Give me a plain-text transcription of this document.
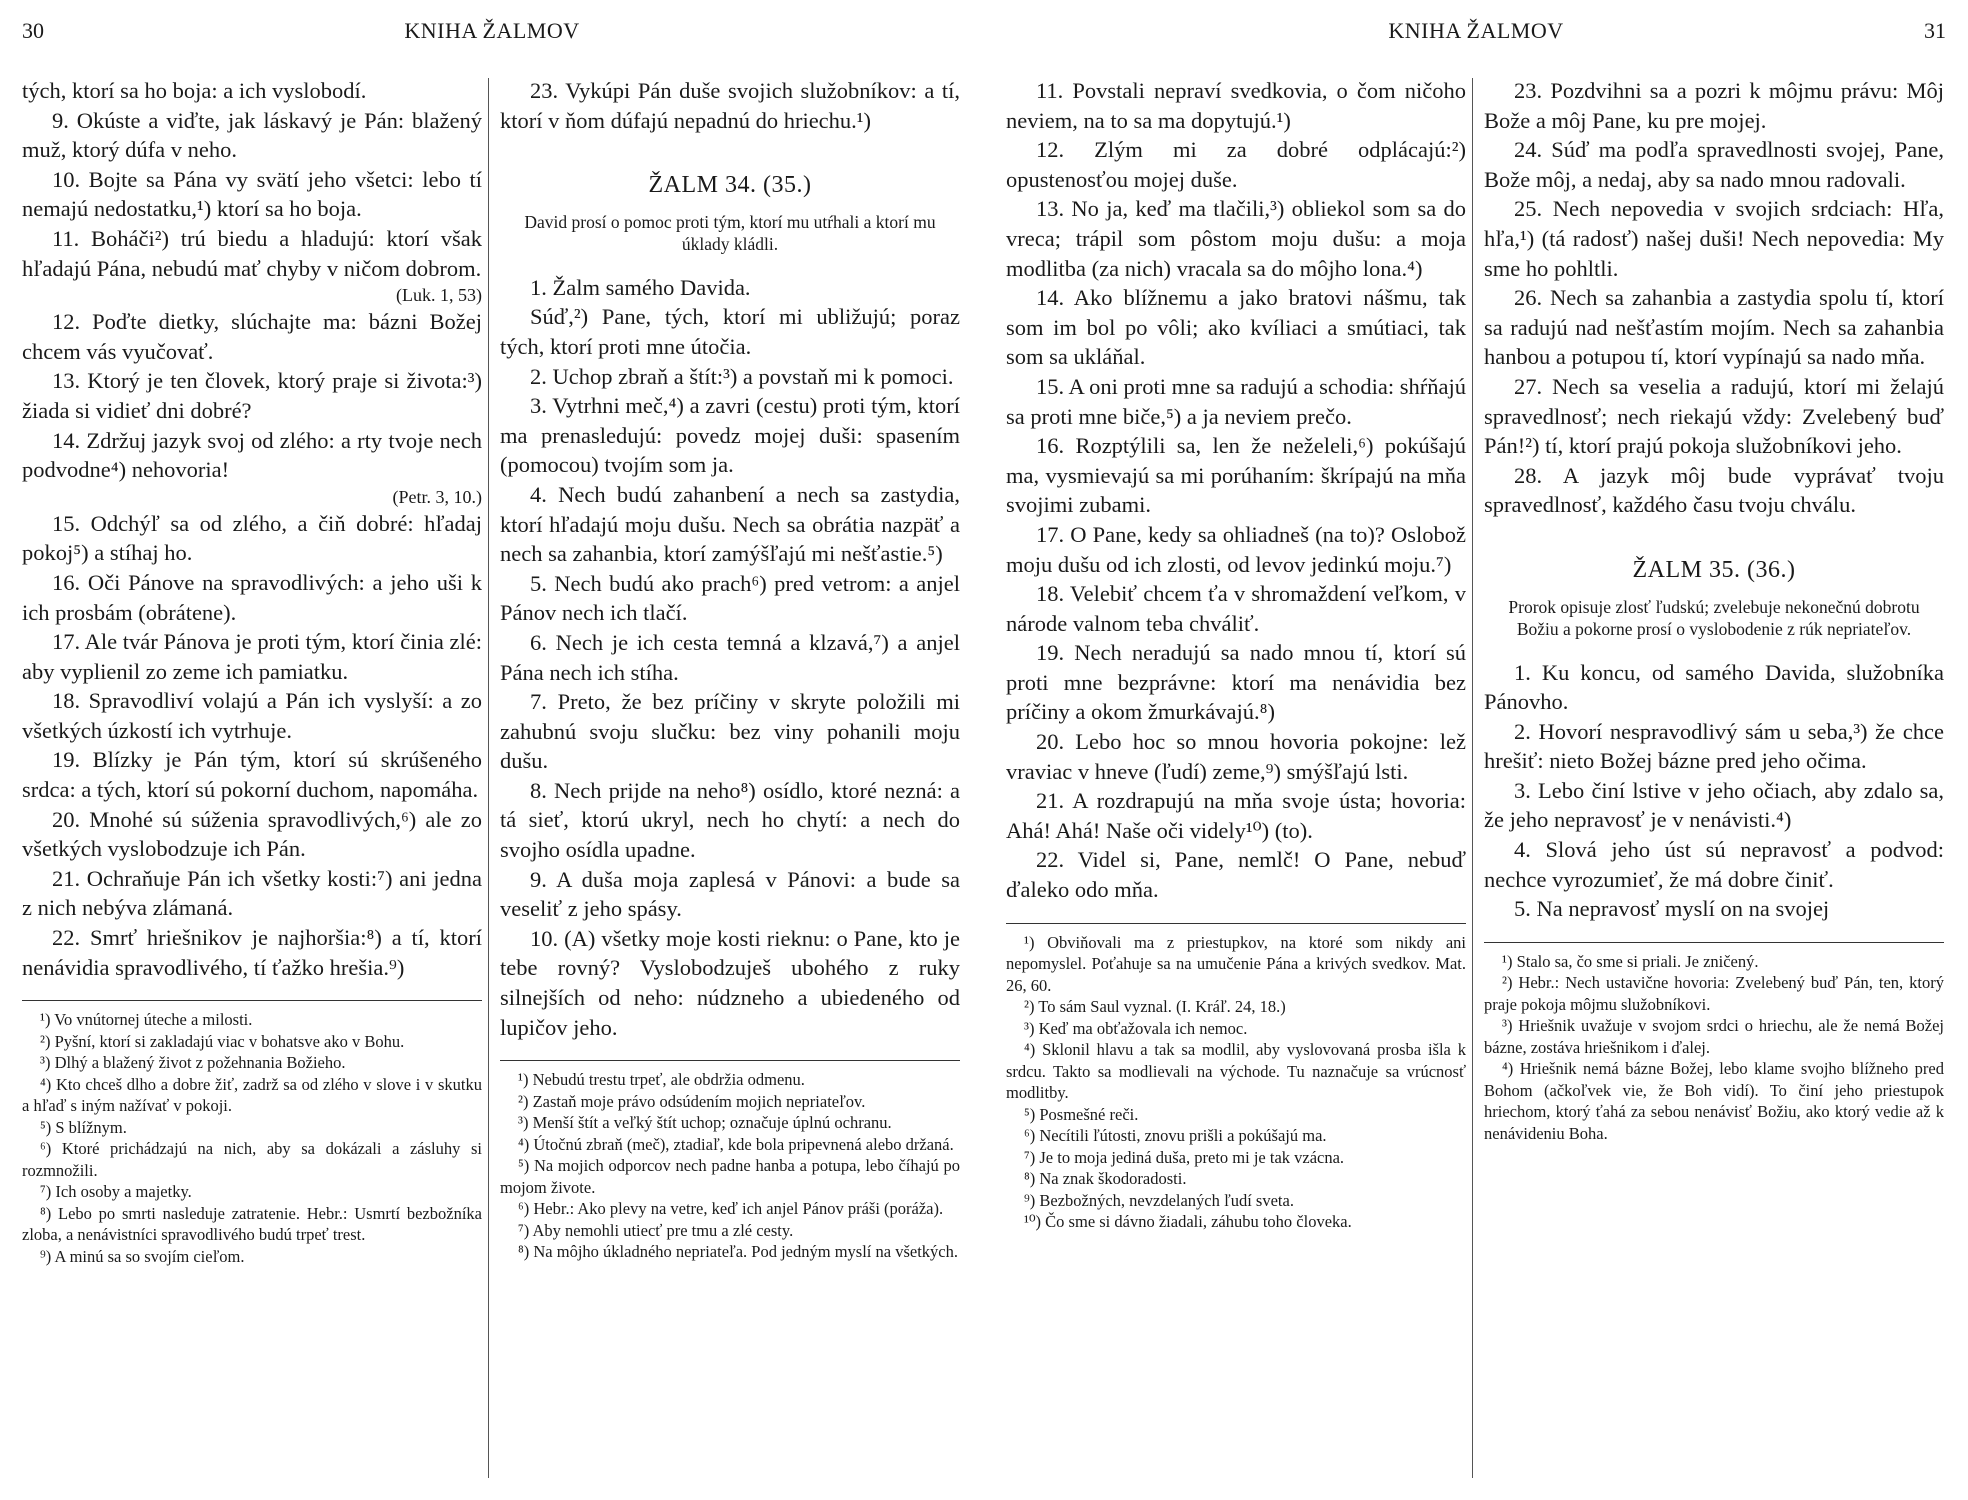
30	KNIHA ŽALMOV

tých, ktorí sa ho boja: a ich vyslobodí.

9. Okúste a viďte, jak láskavý je Pán: blažený muž, ktorý dúfa v neho.

10. Bojte sa Pána vy svätí jeho všetci: lebo tí nemajú nedostatku,¹) ktorí sa ho boja.

11. Boháči²) trú biedu a hladujú: ktorí však hľadajú Pána, nebudú mať chyby v ničom dobrom.

(Luk. 1, 53)

12. Poďte dietky, slúchajte ma: bázni Božej chcem vás vyučovať.

13. Ktorý je ten človek, ktorý praje si života:³) žiada si vidieť dni dobré?

14. Zdržuj jazyk svoj od zlého: a rty tvoje nech podvodne⁴) nehovoria!

(Petr. 3, 10.)

15. Odchýľ sa od zlého, a čiň dobré: hľadaj pokoj⁵) a stíhaj ho.

16. Oči Pánove na spravodlivých: a jeho uši k ich prosbám (obrátene).

17. Ale tvár Pánova je proti tým, ktorí činia zlé: aby vyplienil zo zeme ich pamiatku.

18. Spravodliví volajú a Pán ich vyslyší: a zo všetkých úzkostí ich vytrhuje.

19. Blízky je Pán tým, ktorí sú skrúšeného srdca: a tých, ktorí sú pokorní duchom, napomáha.

20. Mnohé sú súženia spravodlivých,⁶) ale zo všetkých vyslobodzuje ich Pán.

21. Ochraňuje Pán ich všetky kosti:⁷) ani jedna z nich nebýva zlámaná.

22. Smrť hriešnikov je najhoršia:⁸) a tí, ktorí nenávidia spravodlivého, tí ťažko hrešia.⁹)

¹) Vo vnútornej úteche a milosti.

²) Pyšní, ktorí si zakladajú viac v bohatsve ako v Bohu.

³) Dlhý a blažený život z požehnania Božieho.

⁴) Kto chceš dlho a dobre žiť, zadrž sa od zlého v slove i v skutku a hľaď s iným nažívať v pokoji.

⁵) S blížnym.

⁶) Ktoré prichádzajú na nich, aby sa dokázali a zásluhy si rozmnožili.

⁷) Ich osoby a majetky.

⁸) Lebo po smrti nasleduje zatratenie. Hebr.: Usmrtí bezbožníka zloba, a nenávistníci spravodlivého budú trpeť trest.

⁹) A minú sa so svojím cieľom.

23. Vykúpi Pán duše svojich služobníkov: a tí, ktorí v ňom dúfajú nepadnú do hriechu.¹)

ŽALM 34. (35.)
David prosí o pomoc proti tým, ktorí mu utŕhali a ktorí mu úklady kládli.

1. Žalm samého Davida.

Súď,²) Pane, tých, ktorí mi ubližujú; poraz tých, ktorí proti mne útočia.

2. Uchop zbraň a štít:³) a povstaň mi k pomoci.

3. Vytrhni meč,⁴) a zavri (cestu) proti tým, ktorí ma prenasledujú: povedz mojej duši: spasením (pomocou) tvojím som ja.

4. Nech budú zahanbení a nech sa zastydia, ktorí hľadajú moju dušu. Nech sa obrátia nazpäť a nech sa zahanbia, ktorí zamýšľajú mi nešťastie.⁵)

5. Nech budú ako prach⁶) pred vetrom: a anjel Pánov nech ich tlačí.

6. Nech je ich cesta temná a klzavá,⁷) a anjel Pána nech ich stíha.

7. Preto, že bez príčiny v skryte položili mi zahubnú svoju slučku: bez viny pohanili moju dušu.

8. Nech prijde na neho⁸) osídlo, ktoré nezná: a tá sieť, ktorú ukryl, nech ho chytí: a nech do svojho osídla upadne.

9. A duša moja zaplesá v Pánovi: a bude sa veseliť z jeho spásy.

10. (A) všetky moje kosti rieknu: o Pane, kto je tebe rovný? Vyslobodzuješ ubohého z ruky silnejších od neho: núdzneho a ubiedeného od lupičov jeho.

¹) Nebudú trestu trpeť, ale obdržia odmenu.

²) Zastaň moje právo odsúdením mojich nepriateľov.

³) Menší štít a veľký štít uchop; označuje úplnú ochranu.

⁴) Útočnú zbraň (meč), ztadiaľ, kde bola pripevnená alebo držaná.

⁵) Na mojich odporcov nech padne hanba a potupa, lebo číhajú po mojom živote.

⁶) Hebr.: Ako plevy na vetre, keď ich anjel Pánov práši (poráža).

⁷) Aby nemohli utiecť pre tmu a zlé cesty.

⁸) Na môjho úkladného nepriateľa. Pod jedným myslí na všetkých.

KNIHA ŽALMOV	31

11. Povstali nepraví svedkovia, o čom ničoho neviem, na to sa ma dopytujú.¹)

12. Zlým mi za dobré odplácajú:²) opustenosťou mojej duše.

13. No ja, keď ma tlačili,³) obliekol som sa do vreca; trápil som pôstom moju dušu: a moja modlitba (za nich) vracala sa do môjho lona.⁴)

14. Ako blížnemu a jako bratovi nášmu, tak som im bol po vôli; ako kvíliaci a smútiaci, tak som sa ukláňal.

15. A oni proti mne sa radujú a schodia: shŕňajú sa proti mne biče,⁵) a ja neviem prečo.

16. Rozptýlili sa, len že neželeli,⁶) pokúšajú ma, vysmievajú sa mi porúhaním: škrípajú na mňa svojimi zubami.

17. O Pane, kedy sa ohliadneš (na to)? Oslobož moju dušu od ich zlosti, od levov jedinkú moju.⁷)

18. Velebiť chcem ťa v shromaždení veľkom, v národe valnom teba chváliť.

19. Nech neradujú sa nado mnou tí, ktorí sú proti mne bezprávne: ktorí ma nenávidia bez príčiny a okom žmurkávajú.⁸)

20. Lebo hoc so mnou hovoria pokojne: lež vraviac v hneve (ľudí) zeme,⁹) smýšľajú lsti.

21. A rozdrapujú na mňa svoje ústa; hovoria: Ahá! Ahá! Naše oči videly¹⁰) (to).

22. Videl si, Pane, nemlč! O Pane, nebuď ďaleko odo mňa.

¹) Obviňovali ma z priestupkov, na ktoré som nikdy ani nepomyslel. Poťahuje sa na umučenie Pána a krivých svedkov. Mat. 26, 60.

²) To sám Saul vyznal. (I. Kráľ. 24, 18.)

³) Keď ma obťažovala ich nemoc.

⁴) Sklonil hlavu a tak sa modlil, aby vyslovovaná prosba išla k srdcu. Takto sa modlievali na východe. Tu naznačuje sa vrúcnosť modlitby.

⁵) Posmešné reči.

⁶) Necítili ľútosti, znovu prišli a pokúšajú ma.

⁷) Je to moja jediná duša, preto mi je tak vzácna.

⁸) Na znak škodoradosti.

⁹) Bezbožných, nevzdelaných ľudí sveta.

¹⁰) Čo sme si dávno žiadali, záhubu toho človeka.

23. Pozdvihni sa a pozri k môjmu právu: Môj Bože a môj Pane, ku pre mojej.

24. Súď ma podľa spravedlnosti svojej, Pane, Bože môj, a nedaj, aby sa nado mnou radovali.

25. Nech nepovedia v svojich srdciach: Hľa, hľa,¹) (tá radosť) našej duši! Nech nepovedia: My sme ho pohltli.

26. Nech sa zahanbia a zastydia spolu tí, ktorí sa radujú nad nešťastím mojím. Nech sa zahanbia hanbou a potupou tí, ktorí vypínajú sa nado mňa.

27. Nech sa veselia a radujú, ktorí mi želajú spravedlnosť; nech riekajú vždy: Zvelebený buď Pán!²) tí, ktorí prajú pokoja služobníkovi jeho.

28. A jazyk môj bude vyprávať tvoju spravedlnosť, každého času tvoju chválu.

ŽALM 35. (36.)
Prorok opisuje zlosť ľudskú; zvelebuje nekonečnú dobrotu Božiu a pokorne prosí o vyslobodenie z rúk nepriateľov.

1. Ku koncu, od samého Davida, služobníka Pánovho.

2. Hovorí nespravodlivý sám u seba,³) že chce hrešiť: nieto Božej bázne pred jeho očima.

3. Lebo činí lstive v jeho očiach, aby zdalo sa, že jeho nepravosť je v nenávisti.⁴)

4. Slová jeho úst sú nepravosť a podvod: nechce vyrozumieť, že má dobre činiť.

5. Na nepravosť myslí on na svojej

¹) Stalo sa, čo sme si priali. Je zničený.

²) Hebr.: Nech ustavične hovoria: Zvelebený buď Pán, ten, ktorý praje pokoja môjmu služobníkovi.

³) Hriešnik uvažuje v svojom srdci o hriechu, ale že nemá Božej bázne, zostáva hriešnikom i ďalej.

⁴) Hriešnik nemá bázne Božej, lebo klame svojho blížneho pred Bohom (ačkoľvek vie, že Boh vidí). To činí jeho priestupok hriechom, ktorý ťahá za sebou nenávisť Božiu, ako ktorý vedie až k nenávideniu Boha.
